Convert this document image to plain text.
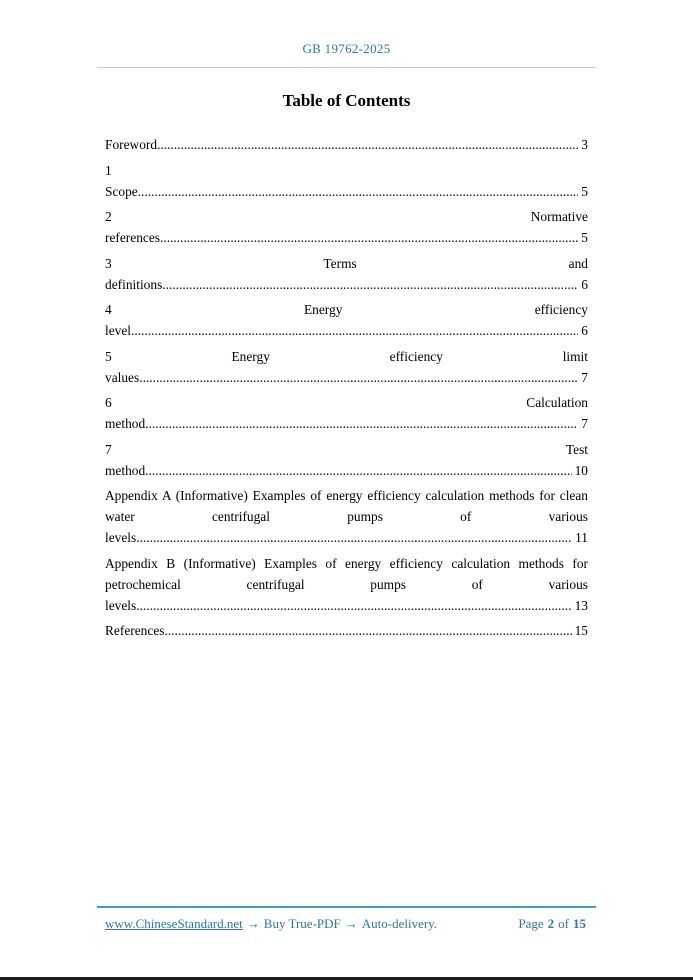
GB 19762-2025
Table of Contents
Foreword .....	3
1 Scope .....	5
2 Normative references .....	5
3 Terms and definitions .....	6
4 Energy efficiency level .....	6
5 Energy efficiency limit values .....	7
6 Calculation method .....	7
7 Test method .....	10
Appendix A (Informative) Examples of energy efficiency calculation methods for clean water centrifugal pumps of various levels .....	11
Appendix B (Informative) Examples of energy efficiency calculation methods for petrochemical centrifugal pumps of various levels .....	13
References .....	15
www.ChineseStandard.net → Buy True-PDF → Auto-delivery.	Page 2 of 15
